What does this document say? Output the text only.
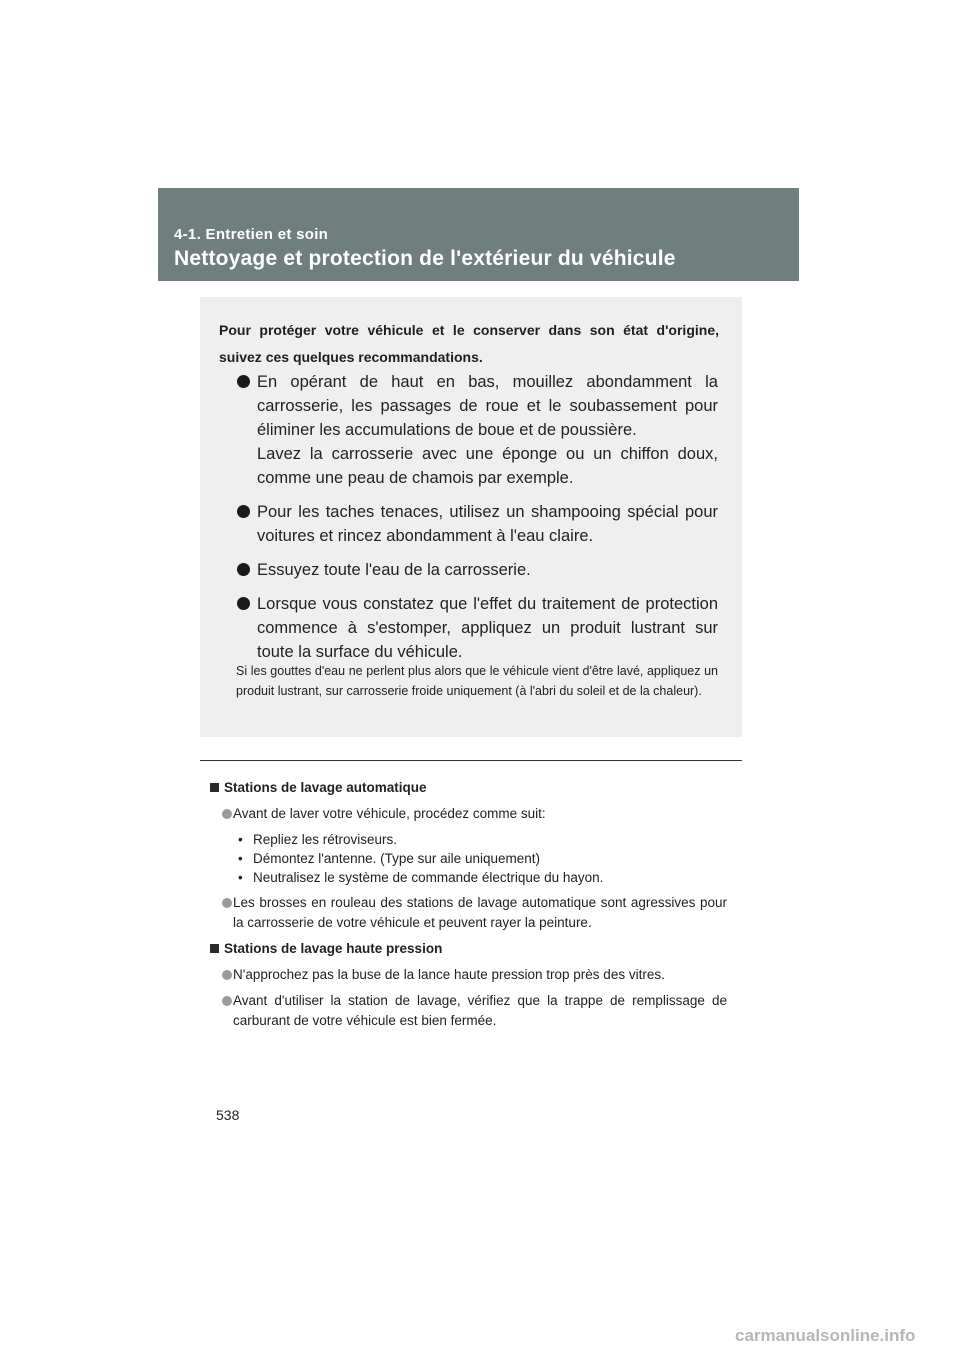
4-1. Entretien et soin
Nettoyage et protection de l'extérieur du véhicule
Pour protéger votre véhicule et le conserver dans son état d'origine, suivez ces quelques recommandations.

En opérant de haut en bas, mouillez abondamment la carrosserie, les passages de roue et le soubassement pour éliminer les accumulations de boue et de poussière.

Lavez la carrosserie avec une éponge ou un chiffon doux, comme une peau de chamois par exemple.

Pour les taches tenaces, utilisez un shampooing spécial pour voitures et rincez abondamment à l'eau claire.

Essuyez toute l'eau de la carrosserie.

Lorsque vous constatez que l'effet du traitement de protection commence à s'estomper, appliquez un produit lustrant sur toute la surface du véhicule.

Si les gouttes d'eau ne perlent plus alors que le véhicule vient d'être lavé, appliquez un produit lustrant, sur carrosserie froide uniquement (à l'abri du soleil et de la chaleur).
Stations de lavage automatique
Avant de laver votre véhicule, procédez comme suit:
• Repliez les rétroviseurs.
• Démontez l'antenne. (Type sur aile uniquement)
• Neutralisez le système de commande électrique du hayon.
Les brosses en rouleau des stations de lavage automatique sont agressives pour la carrosserie de votre véhicule et peuvent rayer la peinture.
Stations de lavage haute pression
N'approchez pas la buse de la lance haute pression trop près des vitres.
Avant d'utiliser la station de lavage, vérifiez que la trappe de remplissage de carburant de votre véhicule est bien fermée.
538
carmanualsonline.info
